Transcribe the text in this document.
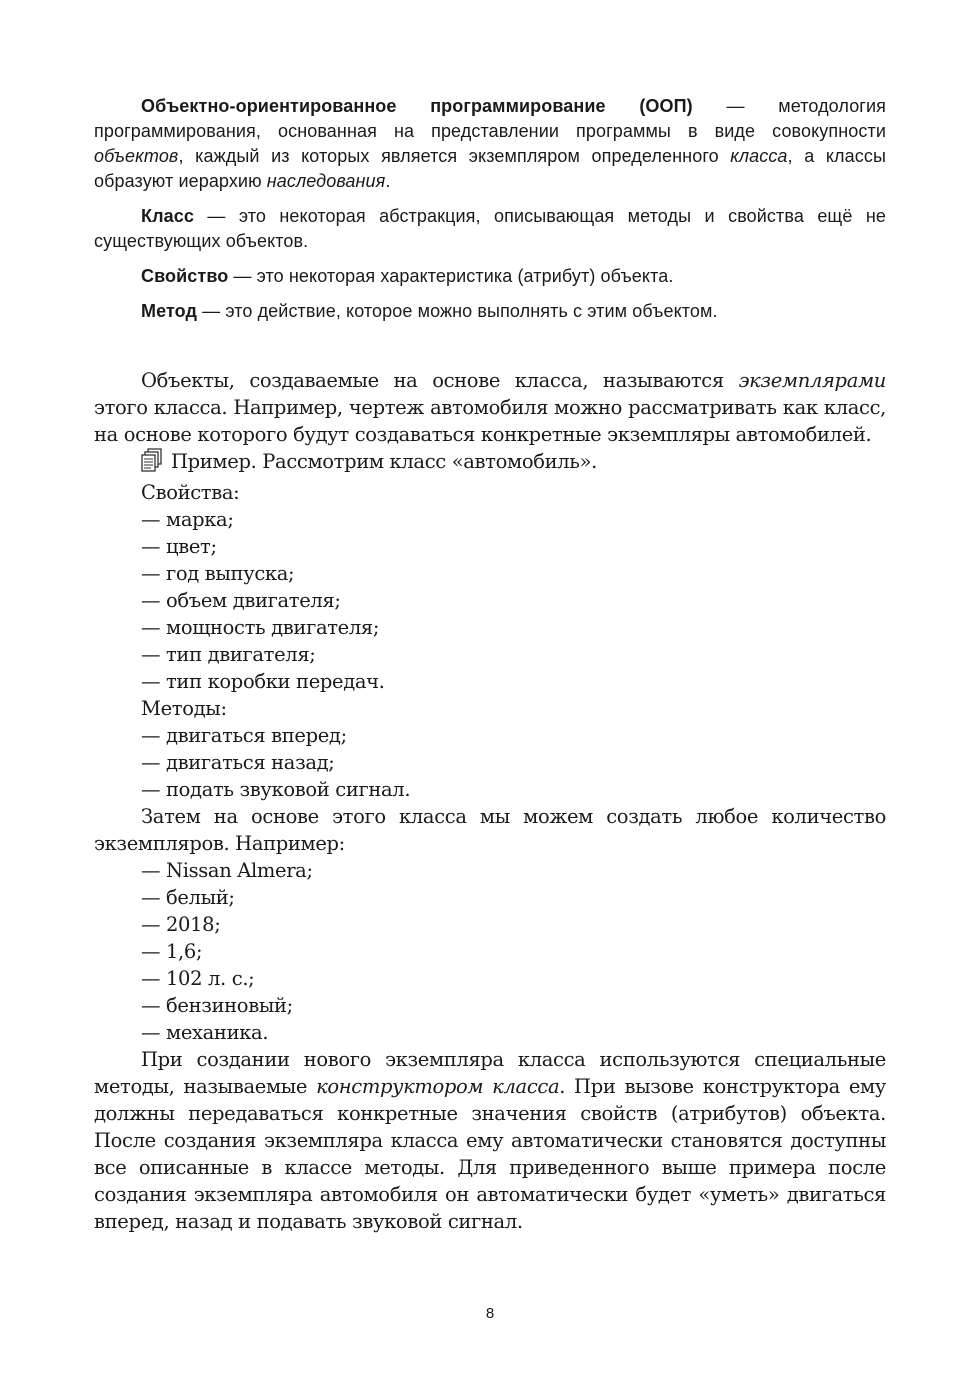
Объектно-ориентированное программирование (ООП) — методология программирования, основанная на представлении программы в виде совокупности объектов, каждый из которых является экземпляром определенного класса, а классы образуют иерархию наследования.

Класс — это некоторая абстракция, описывающая методы и свойства ещё не существующих объектов.

Свойство — это некоторая характеристика (атрибут) объекта.

Метод — это действие, которое можно выполнять с этим объектом.

Объекты, создаваемые на основе класса, называются экземплярами этого класса. Например, чертеж автомобиля можно рассматривать как класс, на основе которого будут создаваться конкретные экземпляры автомобилей.

Пример. Рассмотрим класс «автомобиль».
Свойства:
— марка;
— цвет;
— год выпуска;
— объем двигателя;
— мощность двигателя;
— тип двигателя;
— тип коробки передач.
Методы:
— двигаться вперед;
— двигаться назад;
— подать звуковой сигнал.

Затем на основе этого класса мы можем создать любое количество экземпляров. Например:

— Nissan Almera;
— белый;
— 2018;
— 1,6;
— 102 л. с.;
— бензиновый;
— механика.

При создании нового экземпляра класса используются специальные методы, называемые конструктором класса. При вызове конструктора ему должны передаваться конкретные значения свойств (атрибутов) объекта. После создания экземпляра класса ему автоматически становятся доступны все описанные в классе методы. Для приведенного выше примера после создания экземпляра автомобиля он автоматически будет «уметь» двигаться вперед, назад и подавать звуковой сигнал.

8
